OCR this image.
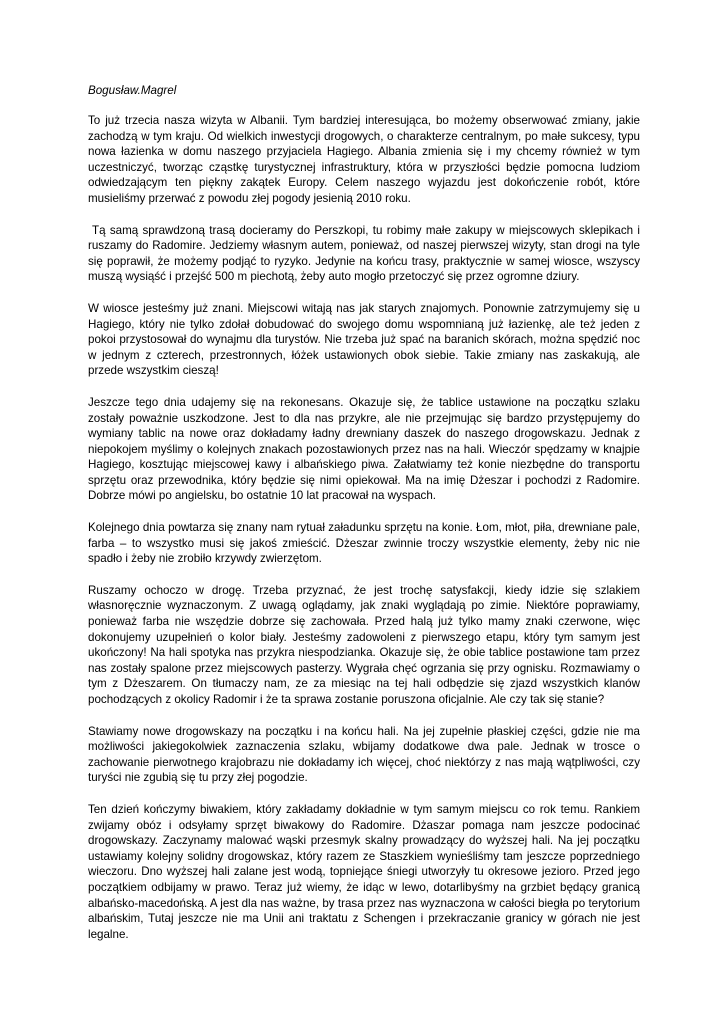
Bogusław.Magrel

To już trzecia nasza wizyta w Albanii. Tym bardziej interesująca, bo możemy obserwować zmiany, jakie zachodzą w tym kraju. Od wielkich inwestycji drogowych, o charakterze centralnym, po małe sukcesy, typu nowa łazienka w domu naszego przyjaciela Hagiego. Albania zmienia się i my chcemy również w tym uczestniczyć, tworząc cząstkę turystycznej infrastruktury, która w przyszłości będzie pomocna ludziom odwiedzającym ten piękny zakątek Europy. Celem naszego wyjazdu jest dokończenie robót, które musieliśmy przerwać z powodu złej pogody jesienią 2010 roku.

Tą samą sprawdzoną trasą docieramy do Perszkopi, tu robimy małe zakupy w miejscowych sklepikach i ruszamy do Radomire. Jedziemy własnym autem, ponieważ, od naszej pierwszej wizyty, stan drogi na tyle się poprawił, że możemy podjąć to ryzyko. Jedynie na końcu trasy, praktycznie w samej wiosce, wszyscy muszą wysiąść i przejść 500 m piechotą, żeby auto mogło przetoczyć się przez ogromne dziury.

W wiosce jesteśmy już znani. Miejscowi witają nas jak starych znajomych. Ponownie zatrzymujemy się u Hagiego, który nie tylko zdołał dobudować do swojego domu wspomnianą już łazienkę, ale też jeden z pokoi przystosował do wynajmu dla turystów. Nie trzeba już spać na baranich skórach, można spędzić noc w jednym z czterech, przestronnych, łóżek ustawionych obok siebie. Takie zmiany nas zaskakują, ale przede wszystkim cieszą!

Jeszcze tego dnia udajemy się na rekonesans. Okazuje się, że tablice ustawione na początku szlaku zostały poważnie uszkodzone. Jest to dla nas przykre, ale nie przejmując się bardzo przystępujemy do wymiany tablic na nowe oraz dokładamy ładny drewniany daszek do naszego drogowskazu. Jednak z niepokojem myślimy o kolejnych znakach pozostawionych przez nas na hali. Wieczór spędzamy w knajpie Hagiego, kosztując miejscowej kawy i albańskiego piwa. Załatwiamy też konie niezbędne do transportu sprzętu oraz przewodnika, który będzie się nimi opiekował. Ma na imię Dżeszar i pochodzi z Radomire. Dobrze mówi po angielsku, bo ostatnie 10 lat pracował na wyspach.

Kolejnego dnia powtarza się znany nam rytuał załadunku sprzętu na konie. Łom, młot, piła, drewniane pale, farba – to wszystko musi się jakoś zmieścić. Dżeszar zwinnie troczy wszystkie elementy, żeby nic nie spadło i żeby nie zrobiło krzywdy zwierzętom.

Ruszamy ochoczo w drogę. Trzeba przyznać, że jest trochę satysfakcji, kiedy idzie się szlakiem własnoręcznie wyznaczonym. Z uwagą oglądamy, jak znaki wyglądają po zimie. Niektóre poprawiamy, ponieważ farba nie wszędzie dobrze się zachowała. Przed halą już tylko mamy znaki czerwone, więc dokonujemy uzupełnień o kolor biały. Jesteśmy zadowoleni z pierwszego etapu, który tym samym jest ukończony! Na hali spotyka nas przykra niespodzianka. Okazuje się, że obie tablice postawione tam przez nas zostały spalone przez miejscowych pasterzy. Wygrała chęć ogrzania się przy ognisku. Rozmawiamy o tym z Dżeszarem. On tłumaczy nam, ze za miesiąc na tej hali odbędzie się zjazd wszystkich klanów pochodzących z okolicy Radomir i że ta sprawa zostanie poruszona oficjalnie. Ale czy tak się stanie?

Stawiamy nowe drogowskazy na początku i na końcu hali. Na jej zupełnie płaskiej części, gdzie nie ma możliwości jakiegokolwiek zaznaczenia szlaku, wbijamy dodatkowe dwa pale. Jednak w trosce o zachowanie pierwotnego krajobrazu nie dokładamy ich więcej, choć niektórzy z nas mają wątpliwości, czy turyści nie zgubią się tu przy złej pogodzie.

Ten dzień kończymy biwakiem, który zakładamy dokładnie w tym samym miejscu co rok temu. Rankiem zwijamy obóz i odsyłamy sprzęt biwakowy do Radomire. Dżaszar pomaga nam jeszcze podocinać drogowskazy. Zaczynamy malować wąski przesmyk skalny prowadzący do wyższej hali. Na jej początku ustawiamy kolejny solidny drogowskaz, który razem ze Staszkiem wynieśliśmy tam jeszcze poprzedniego wieczoru. Dno wyższej hali zalane jest wodą, topniejące śniegi utworzyły tu okresowe jezioro. Przed jego początkiem odbijamy w prawo. Teraz już wiemy, że idąc w lewo, dotarlibyśmy na grzbiet będący granicą albańsko-macedońską. A jest dla nas ważne, by trasa przez nas wyznaczona w całości biegła po terytorium albańskim, Tutaj jeszcze nie ma Unii ani traktatu z Schengen i przekraczanie granicy w górach nie jest legalne.
